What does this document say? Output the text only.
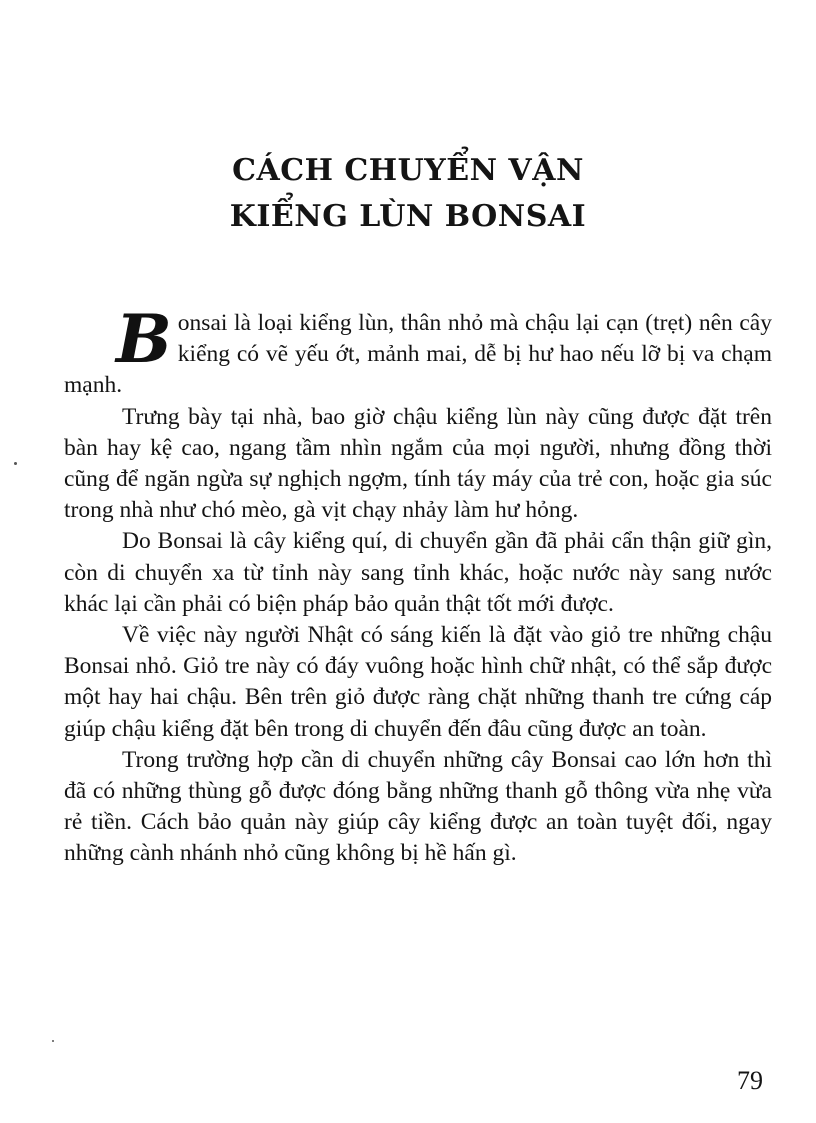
CÁCH CHUYỂN VẬN
KIỂNG LÙN BONSAI

Bonsai là loại kiểng lùn, thân nhỏ mà chậu lại cạn (trẹt) nên cây kiểng có vẽ yếu ớt, mảnh mai, dễ bị hư hao nếu lỡ bị va chạm mạnh.

Trưng bày tại nhà, bao giờ chậu kiểng lùn này cũng được đặt trên bàn hay kệ cao, ngang tầm nhìn ngắm của mọi người, nhưng đồng thời cũng để ngăn ngừa sự nghịch ngợm, tính táy máy của trẻ con, hoặc gia súc trong nhà như chó mèo, gà vịt chạy nhảy làm hư hỏng.

Do Bonsai là cây kiểng quí, di chuyển gần đã phải cẩn thận giữ gìn, còn di chuyển xa từ tỉnh này sang tỉnh khác, hoặc nước này sang nước khác lại cần phải có biện pháp bảo quản thật tốt mới được.

Về việc này người Nhật có sáng kiến là đặt vào giỏ tre những chậu Bonsai nhỏ. Giỏ tre này có đáy vuông hoặc hình chữ nhật, có thể sắp được một hay hai chậu. Bên trên giỏ được ràng chặt những thanh tre cứng cáp giúp chậu kiểng đặt bên trong di chuyển đến đâu cũng được an toàn.

Trong trường hợp cần di chuyển những cây Bonsai cao lớn hơn thì đã có những thùng gỗ được đóng bằng những thanh gỗ thông vừa nhẹ vừa rẻ tiền. Cách bảo quản này giúp cây kiểng được an toàn tuyệt đối, ngay những cành nhánh nhỏ cũng không bị hề hấn gì.

79
